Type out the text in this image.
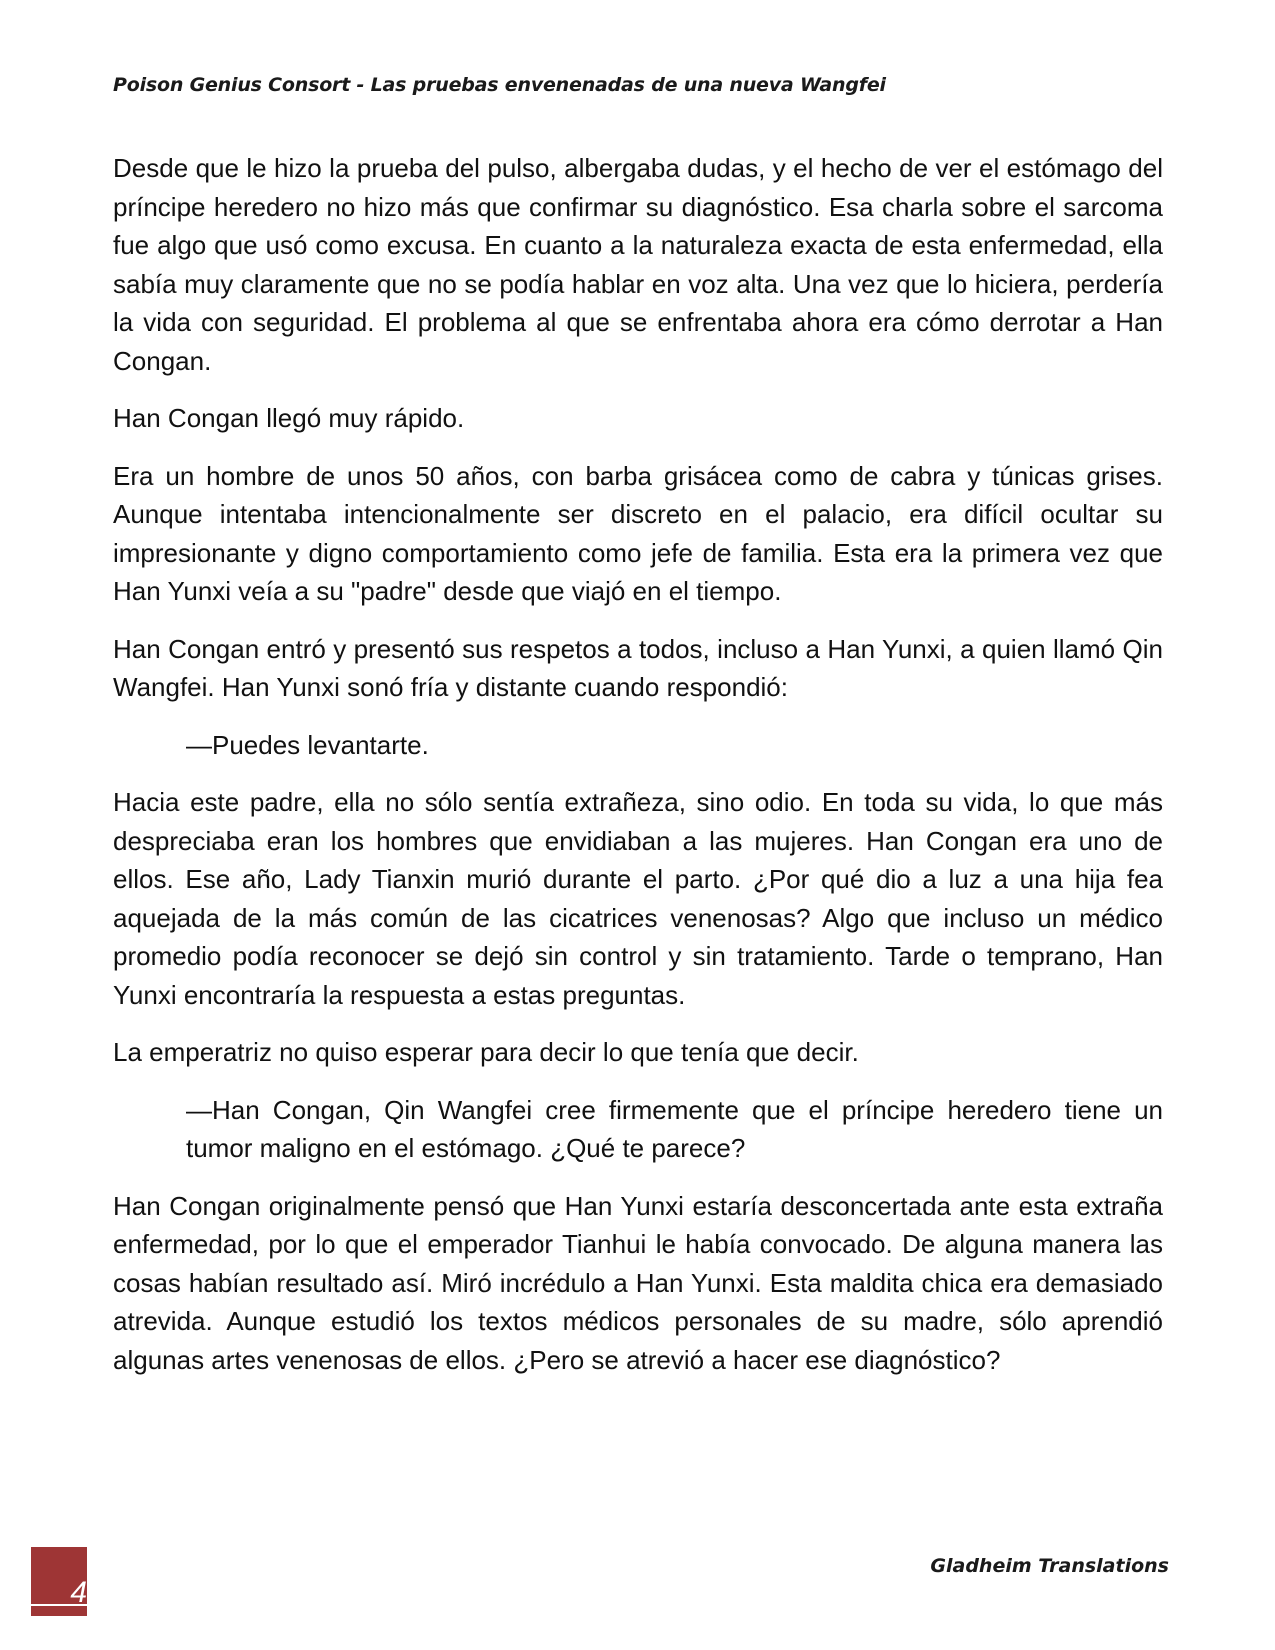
Poison Genius Consort - Las pruebas envenenadas de una nueva Wangfei

Desde que le hizo la prueba del pulso, albergaba dudas, y el hecho de ver el estómago del príncipe heredero no hizo más que confirmar su diagnóstico. Esa charla sobre el sarcoma fue algo que usó como excusa. En cuanto a la naturaleza exacta de esta enfermedad, ella sabía muy claramente que no se podía hablar en voz alta. Una vez que lo hiciera, perdería la vida con seguridad. El problema al que se enfrentaba ahora era cómo derrotar a Han Congan.

Han Congan llegó muy rápido.

Era un hombre de unos 50 años, con barba grisácea como de cabra y túnicas grises. Aunque intentaba intencionalmente ser discreto en el palacio, era difícil ocultar su impresionante y digno comportamiento como jefe de familia. Esta era la primera vez que Han Yunxi veía a su "padre" desde que viajó en el tiempo.

Han Congan entró y presentó sus respetos a todos, incluso a Han Yunxi, a quien llamó Qin Wangfei. Han Yunxi sonó fría y distante cuando respondió:

—Puedes levantarte.

Hacia este padre, ella no sólo sentía extrañeza, sino odio. En toda su vida, lo que más despreciaba eran los hombres que envidiaban a las mujeres. Han Congan era uno de ellos. Ese año, Lady Tianxin murió durante el parto. ¿Por qué dio a luz a una hija fea aquejada de la más común de las cicatrices venenosas? Algo que incluso un médico promedio podía reconocer se dejó sin control y sin tratamiento. Tarde o temprano, Han Yunxi encontraría la respuesta a estas preguntas.

La emperatriz no quiso esperar para decir lo que tenía que decir.

—Han Congan, Qin Wangfei cree firmemente que el príncipe heredero tiene un tumor maligno en el estómago. ¿Qué te parece?

Han Congan originalmente pensó que Han Yunxi estaría desconcertada ante esta extraña enfermedad, por lo que el emperador Tianhui le había convocado. De alguna manera las cosas habían resultado así. Miró incrédulo a Han Yunxi. Esta maldita chica era demasiado atrevida. Aunque estudió los textos médicos personales de su madre, sólo aprendió algunas artes venenosas de ellos. ¿Pero se atrevió a hacer ese diagnóstico?

4
Gladheim Translations
